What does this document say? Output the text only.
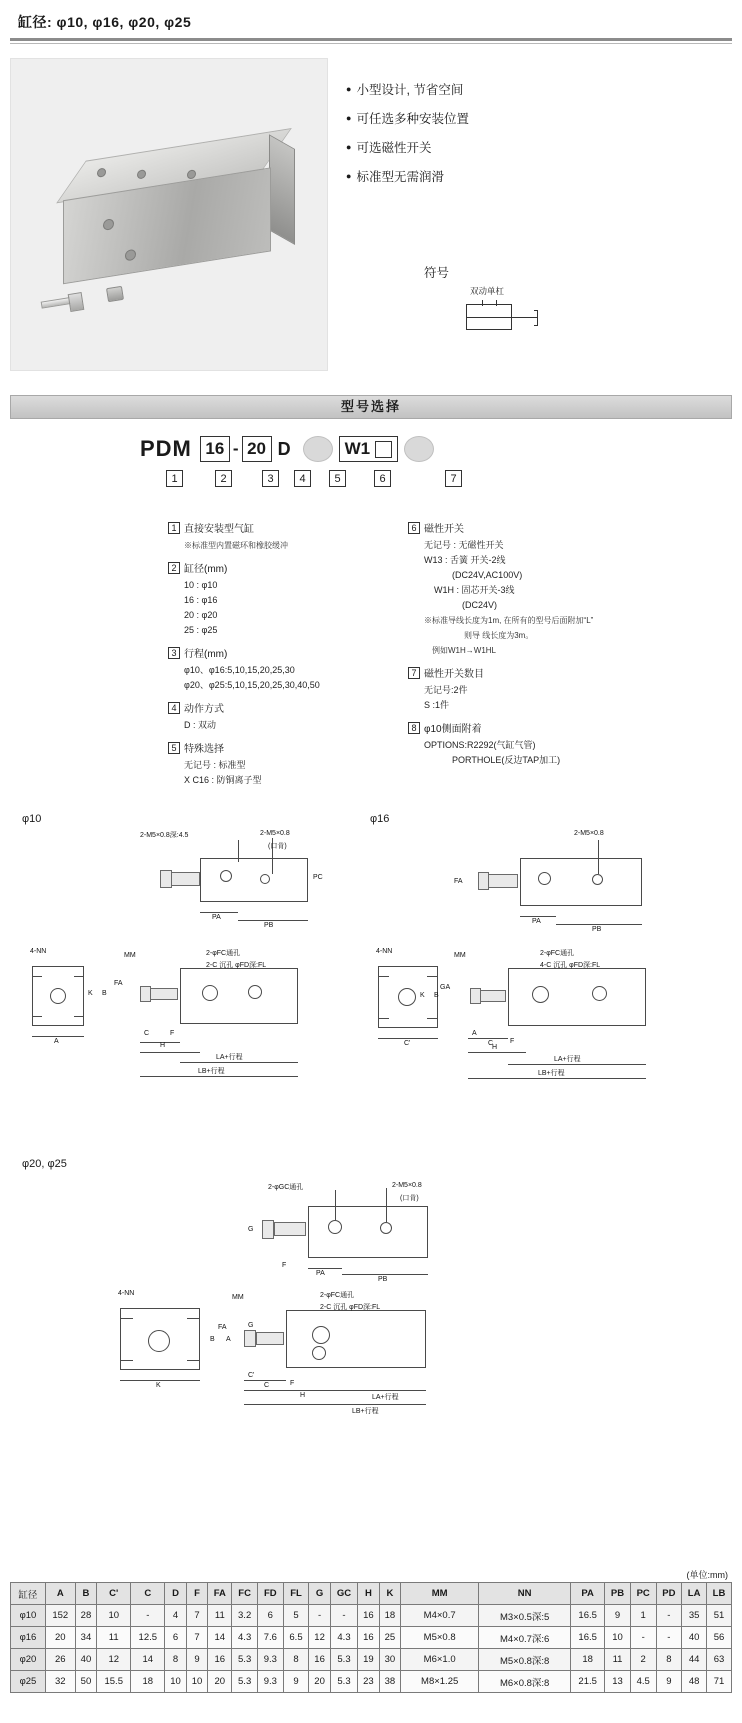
缸径: φ10, φ16, φ20, φ25
● 小型设计, 节省空间
● 可任选多种安装位置
● 可选磁性开关
● 标准型无需润滑
符号
双动单杠
型号选择
PDM 16 - 20 D	W1
1	2	3	4	5	6	7
1 直接安装型气缸
※标准型内置磁环和橡胶缓冲
2 缸径(mm)
10 : φ10
16 : φ16
20 : φ20
25 : φ25
3 行程(mm)
φ10、φ16:5,10,15,20,25,30
φ20、φ25:5,10,15,20,25,30,40,50
4 动作方式
D : 双动
5 特殊选择
无记号 : 标准型
X C16 : 防铜离子型
6 磁性开关
无记号 : 无磁性开关
W13 : 舌簧 开关-2线
(DC24V,AC100V)
W1H : 固芯开关-3线
(DC24V)
※标准导线长度为1m, 在所有的型号后面附加“L”
则导 线长度为3m。
例如W1H→W1HL
7 磁性开关数目
无记号:2件
S :1件
8 φ10侧面附着
OPTIONS:R2292(气缸气管)
PORTHOLE(反边TAP加工)
φ10
2-M5×0.8深:4.5	2-M5×0.8
(口肯)
PC
PA
PB
4-NN
A
MM	2-φFC通孔
2-C 沉孔 φFD深:FL
FA
K B
C	F
H
LA+行程
LB+行程
φ16
2-M5×0.8
FA
PA
PB
4-NN
C'
MM	2-φFC通孔
4-C 沉孔 φFD深:FL
GA
K B
A
C F
H
LA+行程
LB+行程
φ20, φ25
2-φGC通孔	2-M5×0.8
(口肯)
G
F
PA
PB
4-NN
K
MM	2-φFC通孔
2-C 沉孔 φFD深:FL
FA	G
B A
C'
C	F
H	LA+行程
LB+行程
(单位:mm)
缸径	A	B	C'	C	D	F	FA	FC	FD	FL	G	GC	H	K	MM	NN	PA	PB	PC	PD	LA	LB
φ10	152	28	10	-	4	7	11	3.2	6	5	-	-	16	18	M4×0.7	M3×0.5深:5	16.5	9	1	-	35	51
φ16	20	34	11	12.5	6	7	14	4.3	7.6	6.5	12	4.3	16	25	M5×0.8	M4×0.7深:6	16.5	10	-	-	40	56
φ20	26	40	12	14	8	9	16	5.3	9.3	8	16	5.3	19	30	M6×1.0	M5×0.8深:8	18	11	2	8	44	63
φ25	32	50	15.5	18	10	10	20	5.3	9.3	9	20	5.3	23	38	M8×1.25	M6×0.8深:8	21.5	13	4.5	9	48	71
